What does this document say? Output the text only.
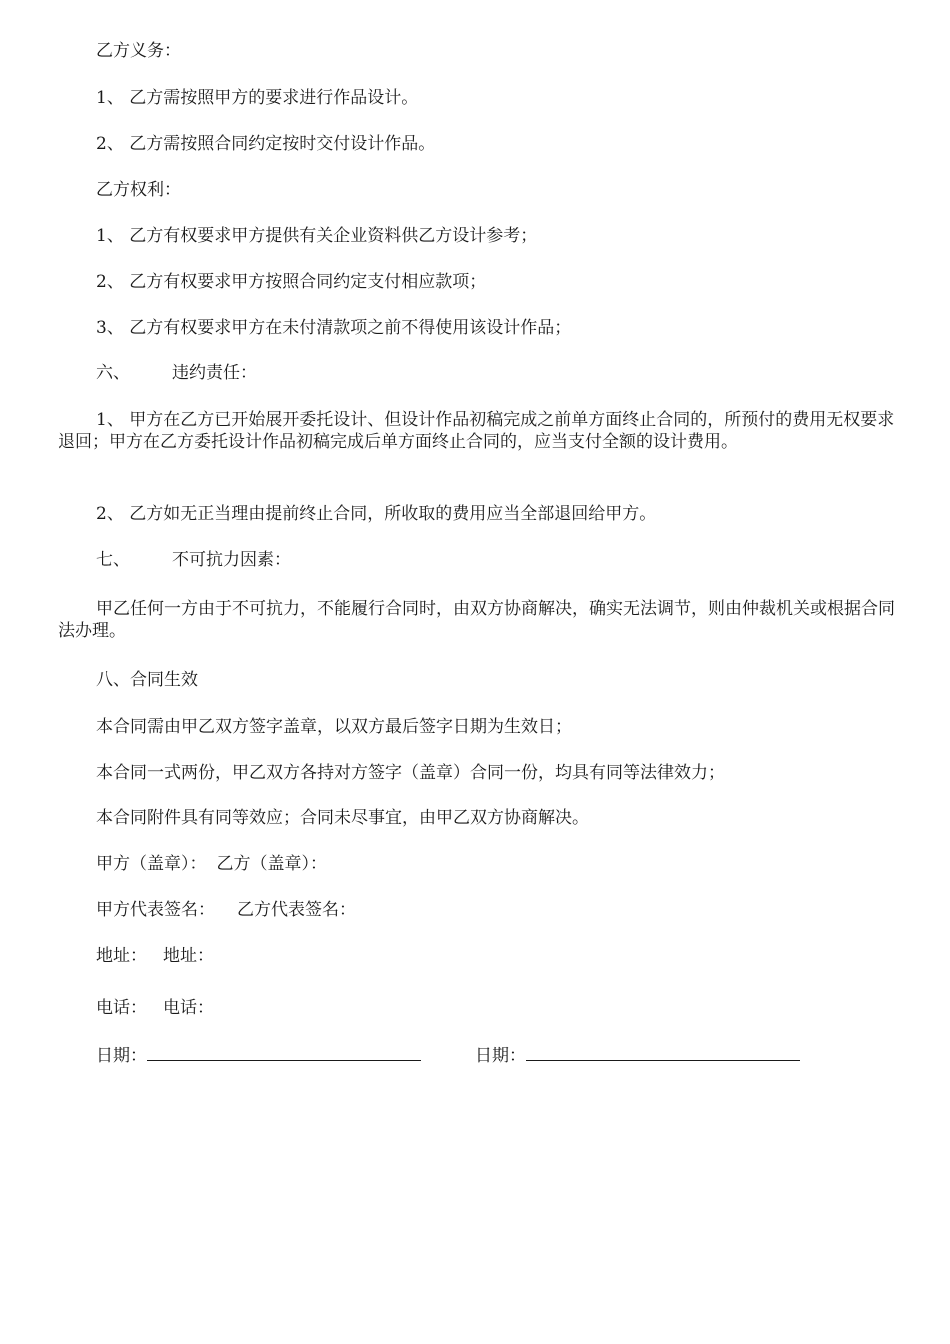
乙方义务：
1、 乙方需按照甲方的要求进行作品设计。
2、 乙方需按照合同约定按时交付设计作品。
乙方权利：
1、 乙方有权要求甲方提供有关企业资料供乙方设计参考；
2、 乙方有权要求甲方按照合同约定支付相应款项；
3、 乙方有权要求甲方在未付清款项之前不得使用该设计作品；
六、 违约责任：
1、 甲方在乙方已开始展开委托设计、但设计作品初稿完成之前单方面终止合同的，所预付的费用无权要求退回；甲方在乙方委托设计作品初稿完成后单方面终止合同的，应当支付全额的设计费用。
2、 乙方如无正当理由提前终止合同，所收取的费用应当全部退回给甲方。
七、 不可抗力因素：
甲乙任何一方由于不可抗力，不能履行合同时，由双方协商解决，确实无法调节，则由仲裁机关或根据合同法办理。
八、合同生效
本合同需由甲乙双方签字盖章，以双方最后签字日期为生效日；
本合同一式两份，甲乙双方各持对方签字（盖章）合同一份，均具有同等法律效力；
本合同附件具有同等效应；合同未尽事宜，由甲乙双方协商解决。
甲方（盖章）： 乙方（盖章）：
甲方代表签名： 乙方代表签名：
地址： 地址：
电话： 电话：
日期：	日期：
